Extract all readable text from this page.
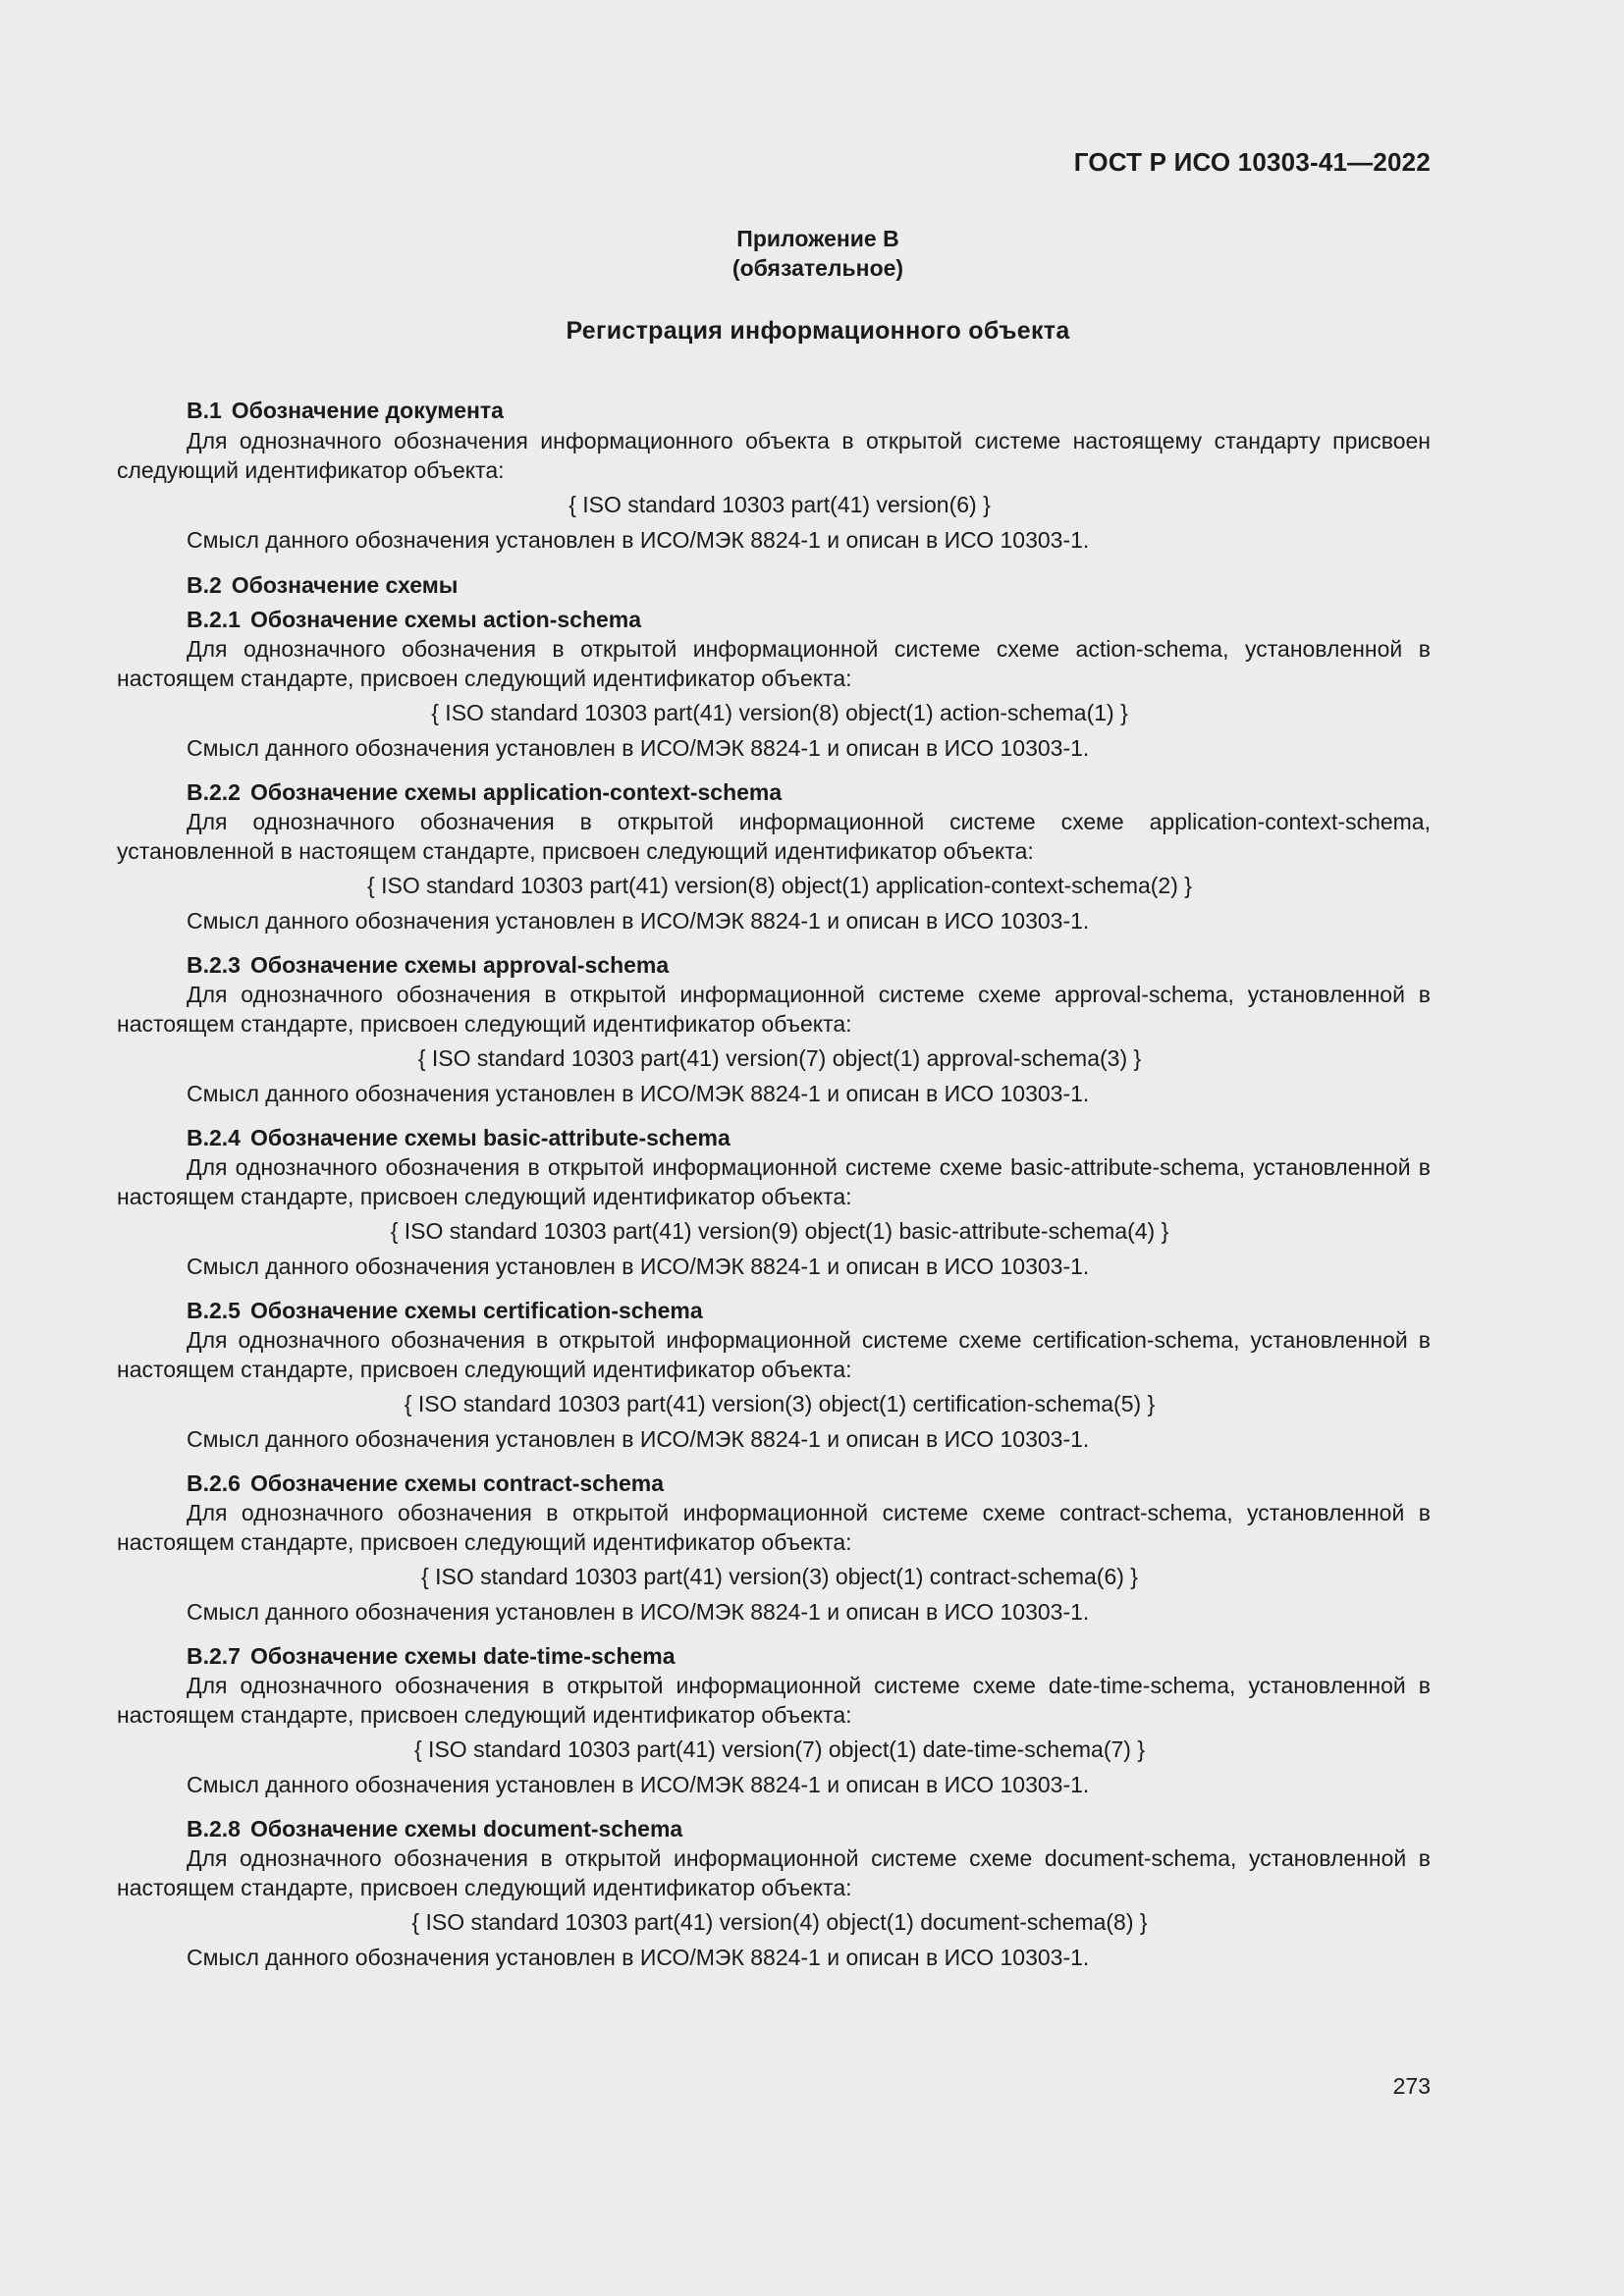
ГОСТ Р ИСО 10303-41—2022
Приложение В
(обязательное)
Регистрация информационного объекта
В.1 Обозначение документа
Для однозначного обозначения информационного объекта в открытой системе настоящему стандарту присвоен следующий идентификатор объекта:
{ ISO standard 10303 part(41) version(6) }
Смысл данного обозначения установлен в ИСО/МЭК 8824-1 и описан в ИСО 10303-1.
В.2 Обозначение схемы
В.2.1 Обозначение схемы action-schema
Для однозначного обозначения в открытой информационной системе схеме action-schema, установленной в настоящем стандарте, присвоен следующий идентификатор объекта:
{ ISO standard 10303 part(41) version(8) object(1) action-schema(1) }
Смысл данного обозначения установлен в ИСО/МЭК 8824-1 и описан в ИСО 10303-1.
В.2.2 Обозначение схемы application-context-schema
Для однозначного обозначения в открытой информационной системе схеме application-context-schema, установленной в настоящем стандарте, присвоен следующий идентификатор объекта:
{ ISO standard 10303 part(41) version(8) object(1) application-context-schema(2) }
Смысл данного обозначения установлен в ИСО/МЭК 8824-1 и описан в ИСО 10303-1.
В.2.3 Обозначение схемы approval-schema
Для однозначного обозначения в открытой информационной системе схеме approval-schema, установленной в настоящем стандарте, присвоен следующий идентификатор объекта:
{ ISO standard 10303 part(41) version(7) object(1) approval-schema(3) }
Смысл данного обозначения установлен в ИСО/МЭК 8824-1 и описан в ИСО 10303-1.
В.2.4 Обозначение схемы basic-attribute-schema
Для однозначного обозначения в открытой информационной системе схеме basic-attribute-schema, установленной в настоящем стандарте, присвоен следующий идентификатор объекта:
{ ISO standard 10303 part(41) version(9) object(1) basic-attribute-schema(4) }
Смысл данного обозначения установлен в ИСО/МЭК 8824-1 и описан в ИСО 10303-1.
В.2.5 Обозначение схемы certification-schema
Для однозначного обозначения в открытой информационной системе схеме certification-schema, установленной в настоящем стандарте, присвоен следующий идентификатор объекта:
{ ISO standard 10303 part(41) version(3) object(1) certification-schema(5) }
Смысл данного обозначения установлен в ИСО/МЭК 8824-1 и описан в ИСО 10303-1.
В.2.6 Обозначение схемы contract-schema
Для однозначного обозначения в открытой информационной системе схеме contract-schema, установленной в настоящем стандарте, присвоен следующий идентификатор объекта:
{ ISO standard 10303 part(41) version(3) object(1) contract-schema(6) }
Смысл данного обозначения установлен в ИСО/МЭК 8824-1 и описан в ИСО 10303-1.
В.2.7 Обозначение схемы date-time-schema
Для однозначного обозначения в открытой информационной системе схеме date-time-schema, установленной в настоящем стандарте, присвоен следующий идентификатор объекта:
{ ISO standard 10303 part(41) version(7) object(1) date-time-schema(7) }
Смысл данного обозначения установлен в ИСО/МЭК 8824-1 и описан в ИСО 10303-1.
В.2.8 Обозначение схемы document-schema
Для однозначного обозначения в открытой информационной системе схеме document-schema, установленной в настоящем стандарте, присвоен следующий идентификатор объекта:
{ ISO standard 10303 part(41) version(4) object(1) document-schema(8) }
Смысл данного обозначения установлен в ИСО/МЭК 8824-1 и описан в ИСО 10303-1.
273
